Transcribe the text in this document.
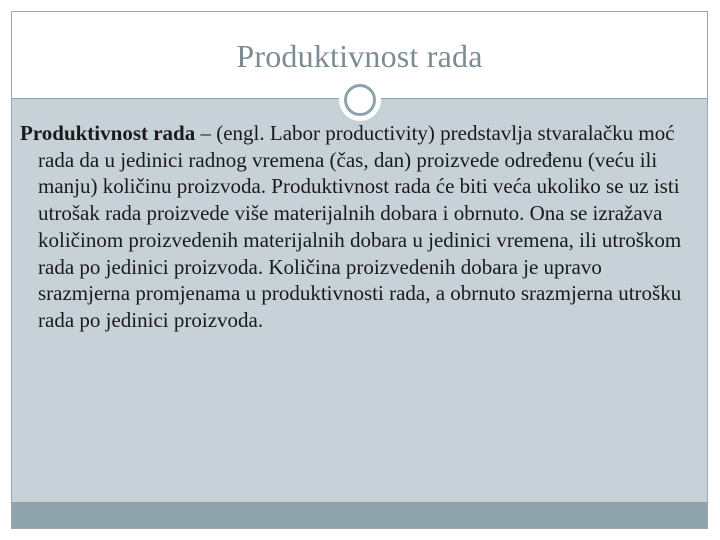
Produktivnost rada

Produktivnost rada – (engl. Labor productivity) predstavlja stvaralačku moć rada da u jedinici radnog vremena (čas, dan) proizvede određenu (veću ili manju) količinu proizvoda. Produktivnost rada će biti veća ukoliko se uz isti utrošak rada proizvede više materijalnih dobara i obrnuto. Ona se izražava količinom proizvedenih materijalnih dobara u jedinici vremena, ili utroškom rada po jedinici proizvoda. Količina proizvedenih dobara je upravo srazmjerna promjenama u produktivnosti rada, a obrnuto srazmjerna utrošku rada po jedinici proizvoda.
